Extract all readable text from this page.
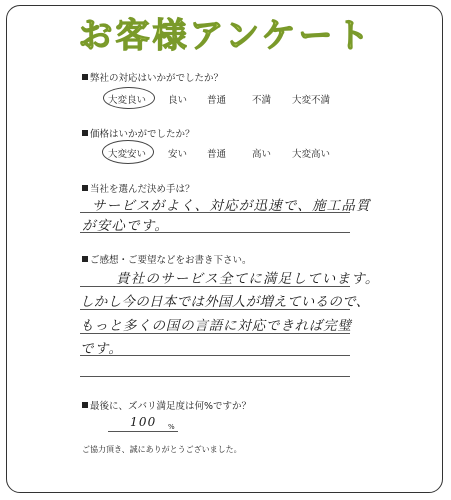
お客様アンケート
弊社の対応はいかがでしたか？
大変良い 良い 普通	不満 大変不満
価格はいかがでしたか？
大変安い 安い 普通	高い 大変高い
当社を選んだ決め手は？
サービスがよく、対応が迅速で、施工品質
が安心です。
ご感想・ご要望などをお書き下さい。
貴社のサービス全てに満足しています。
しかし今の日本では外国人が増えているので、
もっと多くの国の言語に対応できれば完璧
です。
最後に、ズバリ満足度は何%ですか？
100 %
ご協力頂き、誠にありがとうございました。
